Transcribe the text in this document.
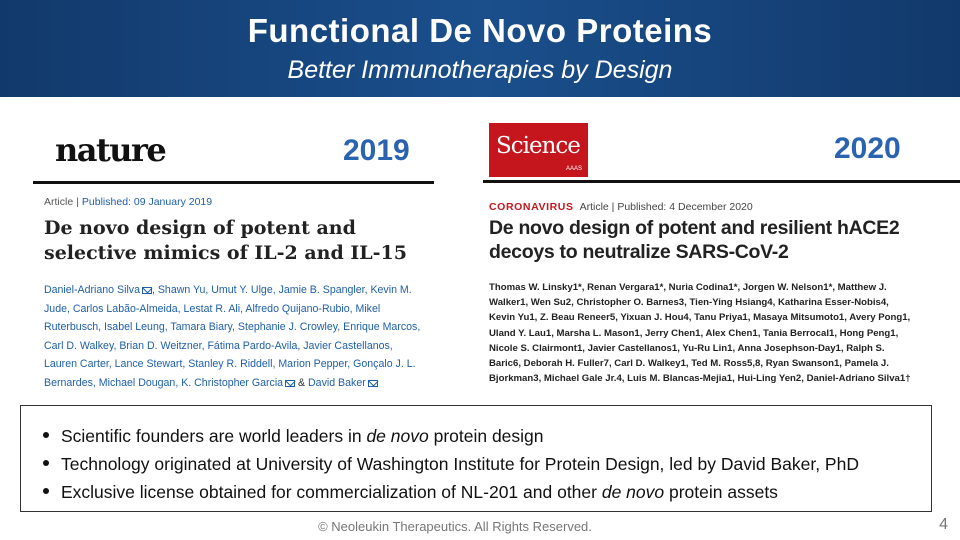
Functional De Novo Proteins
Better Immunotherapies by Design
nature	2019
Article | Published: 09 January 2019
De novo design of potent and selective mimics of IL-2 and IL-15
Daniel-Adriano Silva , Shawn Yu, Umut Y. Ulge, Jamie B. Spangler, Kevin M. Jude, Carlos Labão-Almeida, Lestat R. Ali, Alfredo Quijano-Rubio, Mikel Ruterbusch, Isabel Leung, Tamara Biary, Stephanie J. Crowley, Enrique Marcos, Carl D. Walkey, Brian D. Weitzner, Fátima Pardo-Avila, Javier Castellanos, Lauren Carter, Lance Stewart, Stanley R. Riddell, Marion Pepper, Gonçalo J. L. Bernardes, Michael Dougan, K. Christopher Garcia & David Baker
Science
AAAS
2020
CORONAVIRUS Article | Published: 4 December 2020
De novo design of potent and resilient hACE2 decoys to neutralize SARS-CoV-2
Thomas W. Linsky1*, Renan Vergara1*, Nuria Codina1*, Jorgen W. Nelson1*, Matthew J. Walker1, Wen Su2, Christopher O. Barnes3, Tien-Ying Hsiang4, Katharina Esser-Nobis4, Kevin Yu1, Z. Beau Reneer5, Yixuan J. Hou4, Tanu Priya1, Masaya Mitsumoto1, Avery Pong1, Uland Y. Lau1, Marsha L. Mason1, Jerry Chen1, Alex Chen1, Tania Berrocal1, Hong Peng1, Nicole S. Clairmont1, Javier Castellanos1, Yu-Ru Lin1, Anna Josephson-Day1, Ralph S. Baric6, Deborah H. Fuller7, Carl D. Walkey1, Ted M. Ross5,8, Ryan Swanson1, Pamela J. Bjorkman3, Michael Gale Jr.4, Luis M. Blancas-Mejia1, Hui-Ling Yen2, Daniel-Adriano Silva1†
Scientific founders are world leaders in de novo protein design
Technology originated at University of Washington Institute for Protein Design, led by David Baker, PhD
Exclusive license obtained for commercialization of NL-201 and other de novo protein assets
© Neoleukin Therapeutics. All Rights Reserved.	4
